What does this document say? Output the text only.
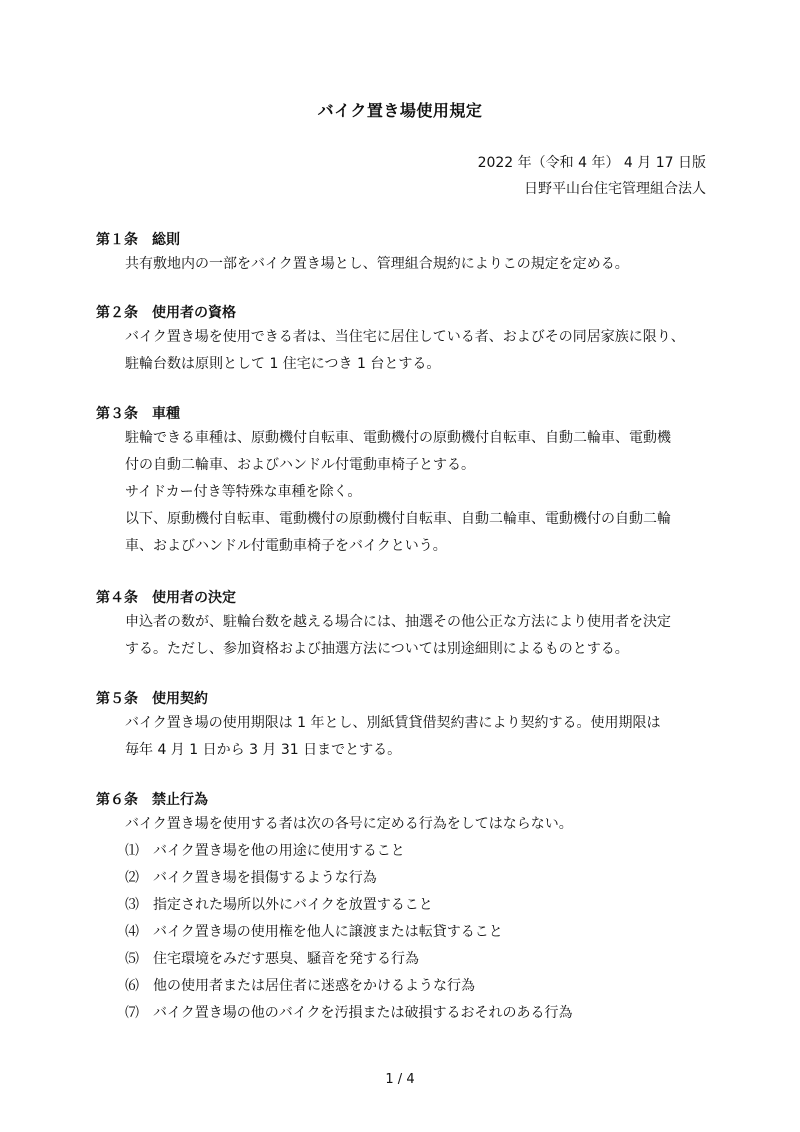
バイク置き場使用規定
2022 年（令和 4 年） 4 月 17 日版
日野平山台住宅管理組合法人
第１条　総則
共有敷地内の一部をバイク置き場とし、管理組合規約によりこの規定を定める。
第２条　使用者の資格
バイク置き場を使用できる者は、当住宅に居住している者、およびその同居家族に限り、
駐輪台数は原則として 1 住宅につき 1 台とする。
第３条　車種
駐輪できる車種は、原動機付自転車、電動機付の原動機付自転車、自動二輪車、電動機
付の自動二輪車、およびハンドル付電動車椅子とする。
サイドカー付き等特殊な車種を除く。
以下、原動機付自転車、電動機付の原動機付自転車、自動二輪車、電動機付の自動二輪
車、およびハンドル付電動車椅子をバイクという。
第４条　使用者の決定
申込者の数が、駐輪台数を越える場合には、抽選その他公正な方法により使用者を決定
する。ただし、参加資格および抽選方法については別途細則によるものとする。
第５条　使用契約
バイク置き場の使用期限は 1 年とし、別紙賃貸借契約書により契約する。使用期限は
毎年 4 月 1 日から 3 月 31 日までとする。
第６条　禁止行為
バイク置き場を使用する者は次の各号に定める行為をしてはならない。
⑴	バイク置き場を他の用途に使用すること
⑵	バイク置き場を損傷するような行為
⑶	指定された場所以外にバイクを放置すること
⑷	バイク置き場の使用権を他人に譲渡または転貸すること
⑸	住宅環境をみだす悪臭、騒音を発する行為
⑹	他の使用者または居住者に迷惑をかけるような行為
⑺	バイク置き場の他のバイクを汚損または破損するおそれのある行為
1 / 4
